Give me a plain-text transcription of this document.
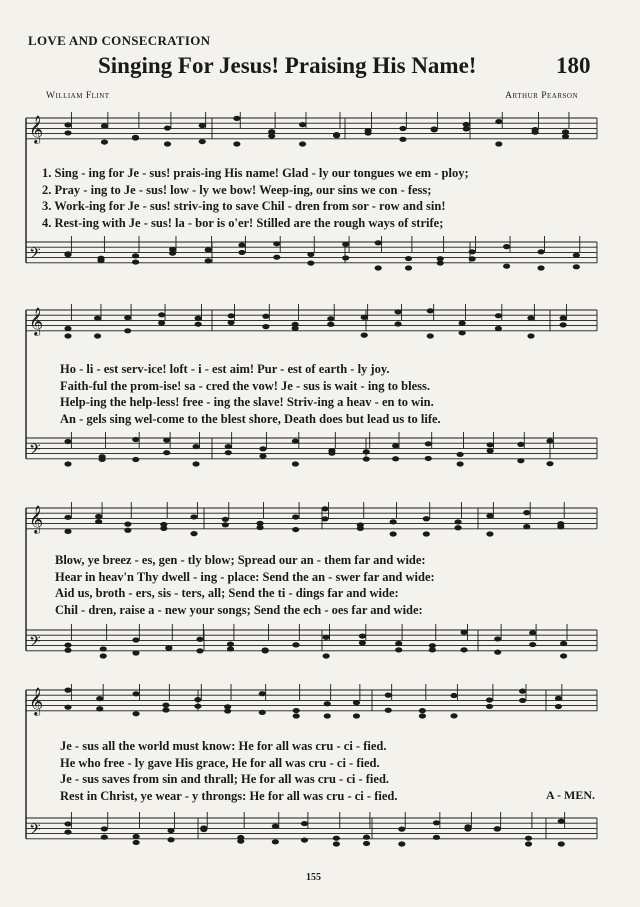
LOVE AND CONSECRATION
Singing For Jesus! Praising His Name!	180
William Flint	Arthur Pearson
𝄞
𝄢
𝄞
𝄢
𝄞
𝄢
𝄞
𝄢
1. Sing - ing for Je - sus! prais-ing His name! Glad - ly our tongues we em - ploy;
2. Pray - ing to Je - sus! low - ly we bow! Weep-ing, our sins we con - fess;
3. Work-ing for Je - sus! striv-ing to save Chil - dren from sor - row and sin!
4. Rest-ing with Je - sus! la - bor is o'er! Stilled are the rough ways of strife;
Ho - li - est serv-ice! loft - i - est aim! Pur - est of earth - ly joy.
Faith-ful the prom-ise! sa - cred the vow! Je - sus is wait - ing to bless.
Help-ing the help-less! free - ing the slave! Striv-ing a heav - en to win.
An - gels sing wel-come to the blest shore, Death does but lead us to life.
Blow, ye breez - es, gen - tly blow; Spread our an - them far and wide:
Hear in heav'n Thy dwell - ing - place: Send the an - swer far and wide:
Aid us, broth - ers, sis - ters, all; Send the ti - dings far and wide:
Chil - dren, raise a - new your songs; Send the ech - oes far and wide:
Je - sus all the world must know: He for all was cru - ci - fied.
He who free - ly gave His grace, He for all was cru - ci - fied.
Je - sus saves from sin and thrall; He for all was cru - ci - fied.
Rest in Christ, ye wear - y throngs: He for all was cru - ci - fied.	A - MEN.
155
